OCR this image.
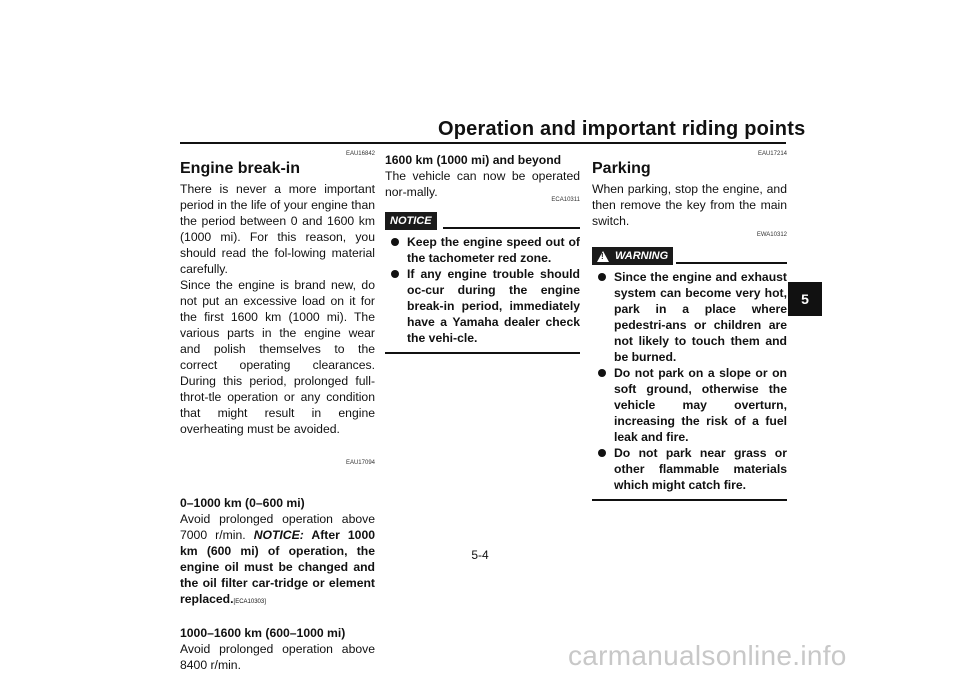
Operation and important riding points
5
EAU16842
Engine break-in

There is never a more important period in the life of your engine than the period between 0 and 1600 km (1000 mi). For this reason, you should read the fol-lowing material carefully.

Since the engine is brand new, do not put an excessive load on it for the first 1600 km (1000 mi). The various parts in the engine wear and polish themselves to the correct operating clearances. During this period, prolonged full-throt-tle operation or any condition that might result in engine overheating must be avoided.

EAU17094
0–1000 km (0–600 mi)

Avoid prolonged operation above 7000 r/min. NOTICE: After 1000 km (600 mi) of operation, the engine oil must be changed and the oil filter car-tridge or element replaced.[ECA10303]

1000–1600 km (600–1000 mi)

Avoid prolonged operation above 8400 r/min.

1600 km (1000 mi) and beyond

The vehicle can now be operated nor-mally.

ECA10311
NOTICE
Keep the engine speed out of the tachometer red zone.
If any engine trouble should oc-cur during the engine break-in period, immediately have a Yamaha dealer check the vehi-cle.
EAU17214
Parking

When parking, stop the engine, and then remove the key from the main switch.

EWA10312
!
WARNING
Since the engine and exhaust system can become very hot, park in a place where pedestri-ans or children are not likely to touch them and be burned.
Do not park on a slope or on soft ground, otherwise the vehicle may overturn, increasing the risk of a fuel leak and fire.
Do not park near grass or other flammable materials which might catch fire.
5-4
carmanualsonline.info
